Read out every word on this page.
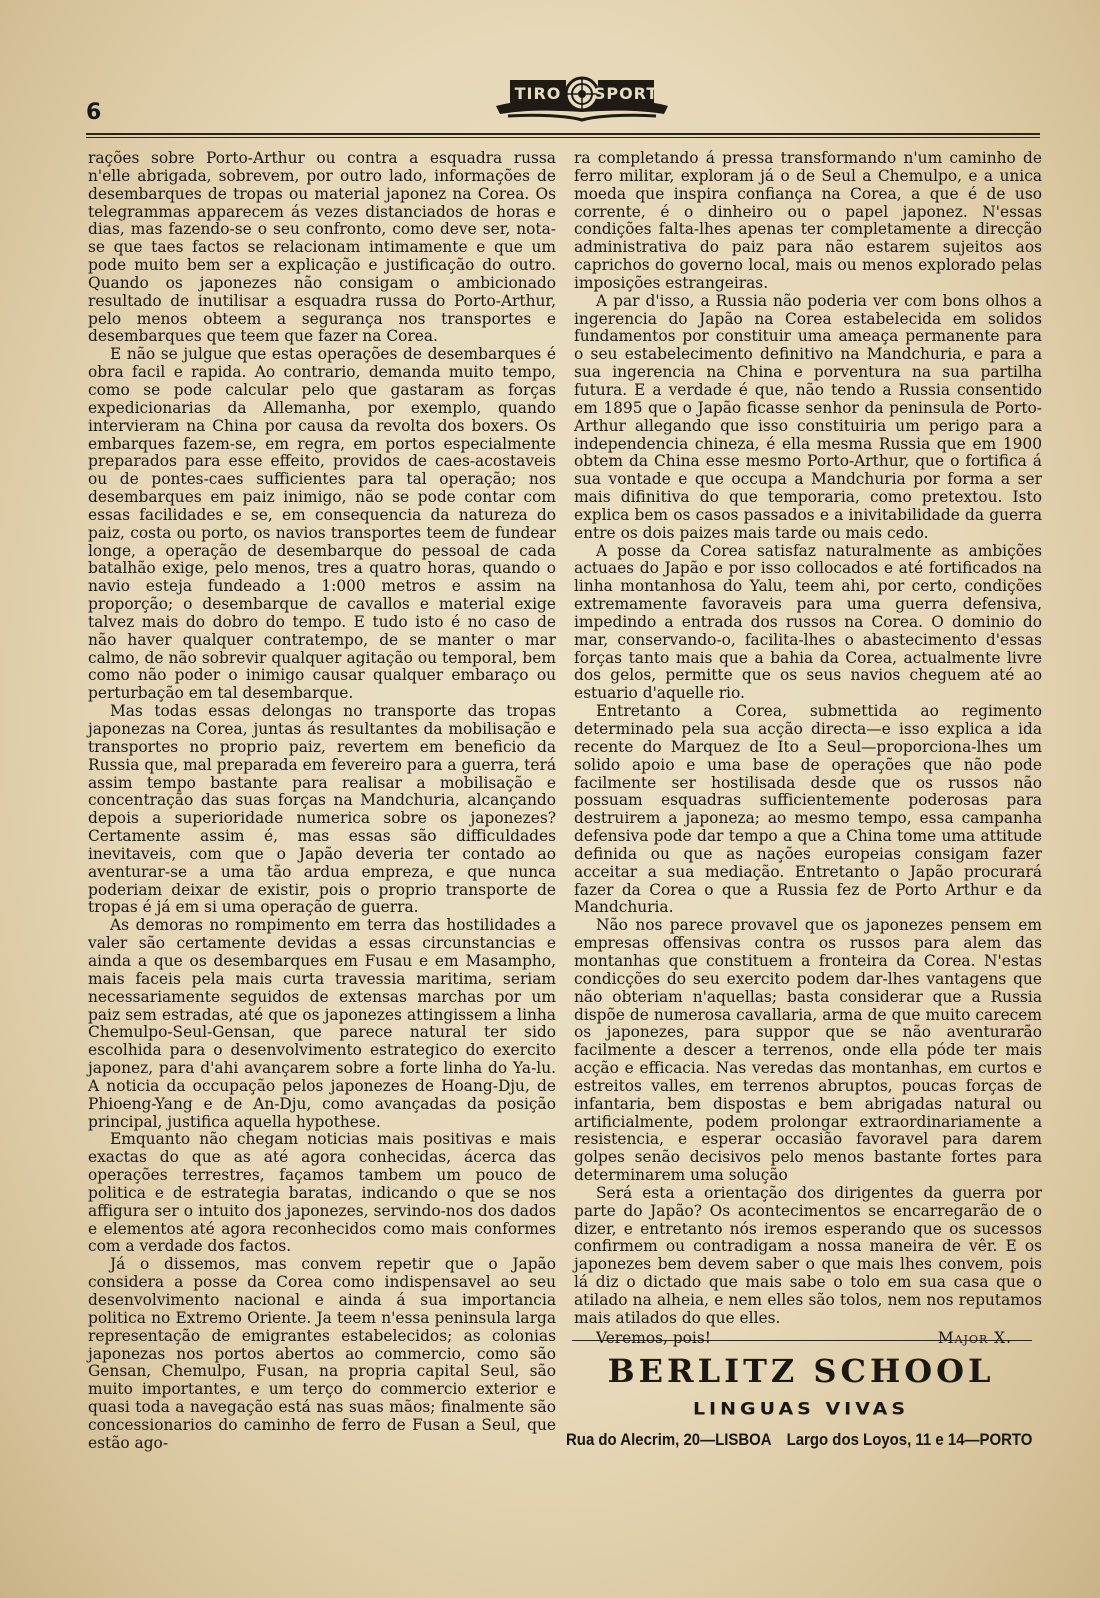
6
TIRO SPORT

rações sobre Porto-Arthur ou contra a esquadra russa n'elle abrigada, sobrevem, por outro lado, informações de desembarques de tropas ou material japonez na Corea. Os telegrammas apparecem ás vezes distanciados de horas e dias, mas fazendo-se o seu confronto, como deve ser, nota-se que taes factos se relacionam intimamente e que um pode muito bem ser a explicação e justificação do outro. Quando os japonezes não consigam o ambicionado resultado de inutilisar a esquadra russa do Porto-Arthur, pelo menos obteem a segurança nos transportes e desembarques que teem que fazer na Corea.

E não se julgue que estas operações de desembarques é obra facil e rapida. Ao contrario, demanda muito tempo, como se pode calcular pelo que gastaram as forças expedicionarias da Allemanha, por exemplo, quando intervieram na China por causa da revolta dos boxers. Os embarques fazem-se, em regra, em portos especialmente preparados para esse effeito, providos de caes-acostaveis ou de pontes-caes sufficientes para tal operação; nos desembarques em paiz inimigo, não se pode contar com essas facilidades e se, em consequencia da natureza do paiz, costa ou porto, os navios transportes teem de fundear longe, a operação de desembarque do pessoal de cada batalhão exige, pelo menos, tres a quatro horas, quando o navio esteja fundeado a 1:000 metros e assim na proporção; o desembarque de cavallos e material exige talvez mais do dobro do tempo. E tudo isto é no caso de não haver qualquer contratempo, de se manter o mar calmo, de não sobrevir qualquer agitação ou temporal, bem como não poder o inimigo causar qualquer embaraço ou perturbação em tal desembarque.

Mas todas essas delongas no transporte das tropas japonezas na Corea, juntas ás resultantes da mobilisação e transportes no proprio paiz, revertem em beneficio da Russia que, mal preparada em fevereiro para a guerra, terá assim tempo bastante para realisar a mobilisação e concentração das suas forças na Mandchuria, alcançando depois a superioridade numerica sobre os japonezes? Certamente assim é, mas essas são difficuldades inevitaveis, com que o Japão deveria ter contado ao aventurar-se a uma tão ardua empreza, e que nunca poderiam deixar de existir, pois o proprio transporte de tropas é já em si uma operação de guerra.

As demoras no rompimento em terra das hostilidades a valer são certamente devidas a essas circunstancias e ainda a que os desembarques em Fusau e em Masampho, mais faceis pela mais curta travessia maritima, seriam necessariamente seguidos de extensas marchas por um paiz sem estradas, até que os japonezes attingissem a linha Chemulpo-Seul-Gensan, que parece natural ter sido escolhida para o desenvolvimento estrategico do exercito japonez, para d'ahi avançarem sobre a forte linha do Ya-lu. A noticia da occupação pelos japonezes de Hoang-Dju, de Phioeng-Yang e de An-Dju, como avançadas da posição principal, justifica aquella hypothese.

Emquanto não chegam noticias mais positivas e mais exactas do que as até agora conhecidas, ácerca das operações terrestres, façamos tambem um pouco de politica e de estrategia baratas, indicando o que se nos affigura ser o intuito dos japonezes, servindo-nos dos dados e elementos até agora reconhecidos como mais conformes com a verdade dos factos.

Já o dissemos, mas convem repetir que o Japão considera a posse da Corea como indispensavel ao seu desenvolvimento nacional e ainda á sua importancia politica no Extremo Oriente. Ja teem n'essa peninsula larga representação de emigrantes estabelecidos; as colonias japonezas nos portos abertos ao commercio, como são Gensan, Chemulpo, Fusan, na propria capital Seul, são muito importantes, e um terço do commercio exterior e quasi toda a navegação está nas suas mãos; finalmente são concessionarios do caminho de ferro de Fusan a Seul, que estão ago-

ra completando á pressa transformando n'um caminho de ferro militar, exploram já o de Seul a Chemulpo, e a unica moeda que inspira confiança na Corea, a que é de uso corrente, é o dinheiro ou o papel japonez. N'essas condições falta-lhes apenas ter completamente a direcção administrativa do paiz para não estarem sujeitos aos caprichos do governo local, mais ou menos explorado pelas imposições estrangeiras.

A par d'isso, a Russia não poderia ver com bons olhos a ingerencia do Japão na Corea estabelecida em solidos fundamentos por constituir uma ameaça permanente para o seu estabelecimento definitivo na Mandchuria, e para a sua ingerencia na China e porventura na sua partilha futura. E a verdade é que, não tendo a Russia consentido em 1895 que o Japão ficasse senhor da peninsula de Porto-Arthur allegando que isso constituiria um perigo para a independencia chineza, é ella mesma Russia que em 1900 obtem da China esse mesmo Porto-Arthur, que o fortifica á sua vontade e que occupa a Mandchuria por forma a ser mais difinitiva do que temporaria, como pretextou. Isto explica bem os casos passados e a inivitabilidade da guerra entre os dois paizes mais tarde ou mais cedo.

A posse da Corea satisfaz naturalmente as ambições actuaes do Japão e por isso collocados e até fortificados na linha montanhosa do Yalu, teem ahi, por certo, condições extremamente favoraveis para uma guerra defensiva, impedindo a entrada dos russos na Corea. O dominio do mar, conservando-o, facilita-lhes o abastecimento d'essas forças tanto mais que a bahia da Corea, actualmente livre dos gelos, permitte que os seus navios cheguem até ao estuario d'aquelle rio.

Entretanto a Corea, submettida ao regimento determinado pela sua acção directa—e isso explica a ida recente do Marquez de Ito a Seul—proporciona-lhes um solido apoio e uma base de operações que não pode facilmente ser hostilisada desde que os russos não possuam esquadras sufficientemente poderosas para destruirem a japoneza; ao mesmo tempo, essa campanha defensiva pode dar tempo a que a China tome uma attitude definida ou que as nações europeias consigam fazer acceitar a sua mediação. Entretanto o Japão procurará fazer da Corea o que a Russia fez de Porto Arthur e da Mandchuria.

Não nos parece provavel que os japonezes pensem em empresas offensivas contra os russos para alem das montanhas que constituem a fronteira da Corea. N'estas condicções do seu exercito podem dar-lhes vantagens que não obteriam n'aquellas; basta considerar que a Russia dispõe de numerosa cavallaria, arma de que muito carecem os japonezes, para suppor que se não aventurarão facilmente a descer a terrenos, onde ella póde ter mais acção e efficacia. Nas veredas das montanhas, em curtos e estreitos valles, em terrenos abruptos, poucas forças de infantaria, bem dispostas e bem abrigadas natural ou artificialmente, podem prolongar extraordinariamente a resistencia, e esperar occasião favoravel para darem golpes senão decisivos pelo menos bastante fortes para determinarem uma solução

Será esta a orientação dos dirigentes da guerra por parte do Japão? Os acontecimentos se encarregarão de o dizer, e entretanto nós iremos esperando que os sucessos confirmem ou contradigam a nossa maneira de vêr. E os japonezes bem devem saber o que mais lhes convem, pois lá diz o dictado que mais sabe o tolo em sua casa que o atilado na alheia, e nem elles são tolos, nem nos reputamos mais atilados do que elles.

Veremos, pois!	Major X.
BERLITZ SCHOOL
LINGUAS VIVAS
Rua do Alecrim, 20—LISBOA Largo dos Loyos, 11 e 14—PORTO
